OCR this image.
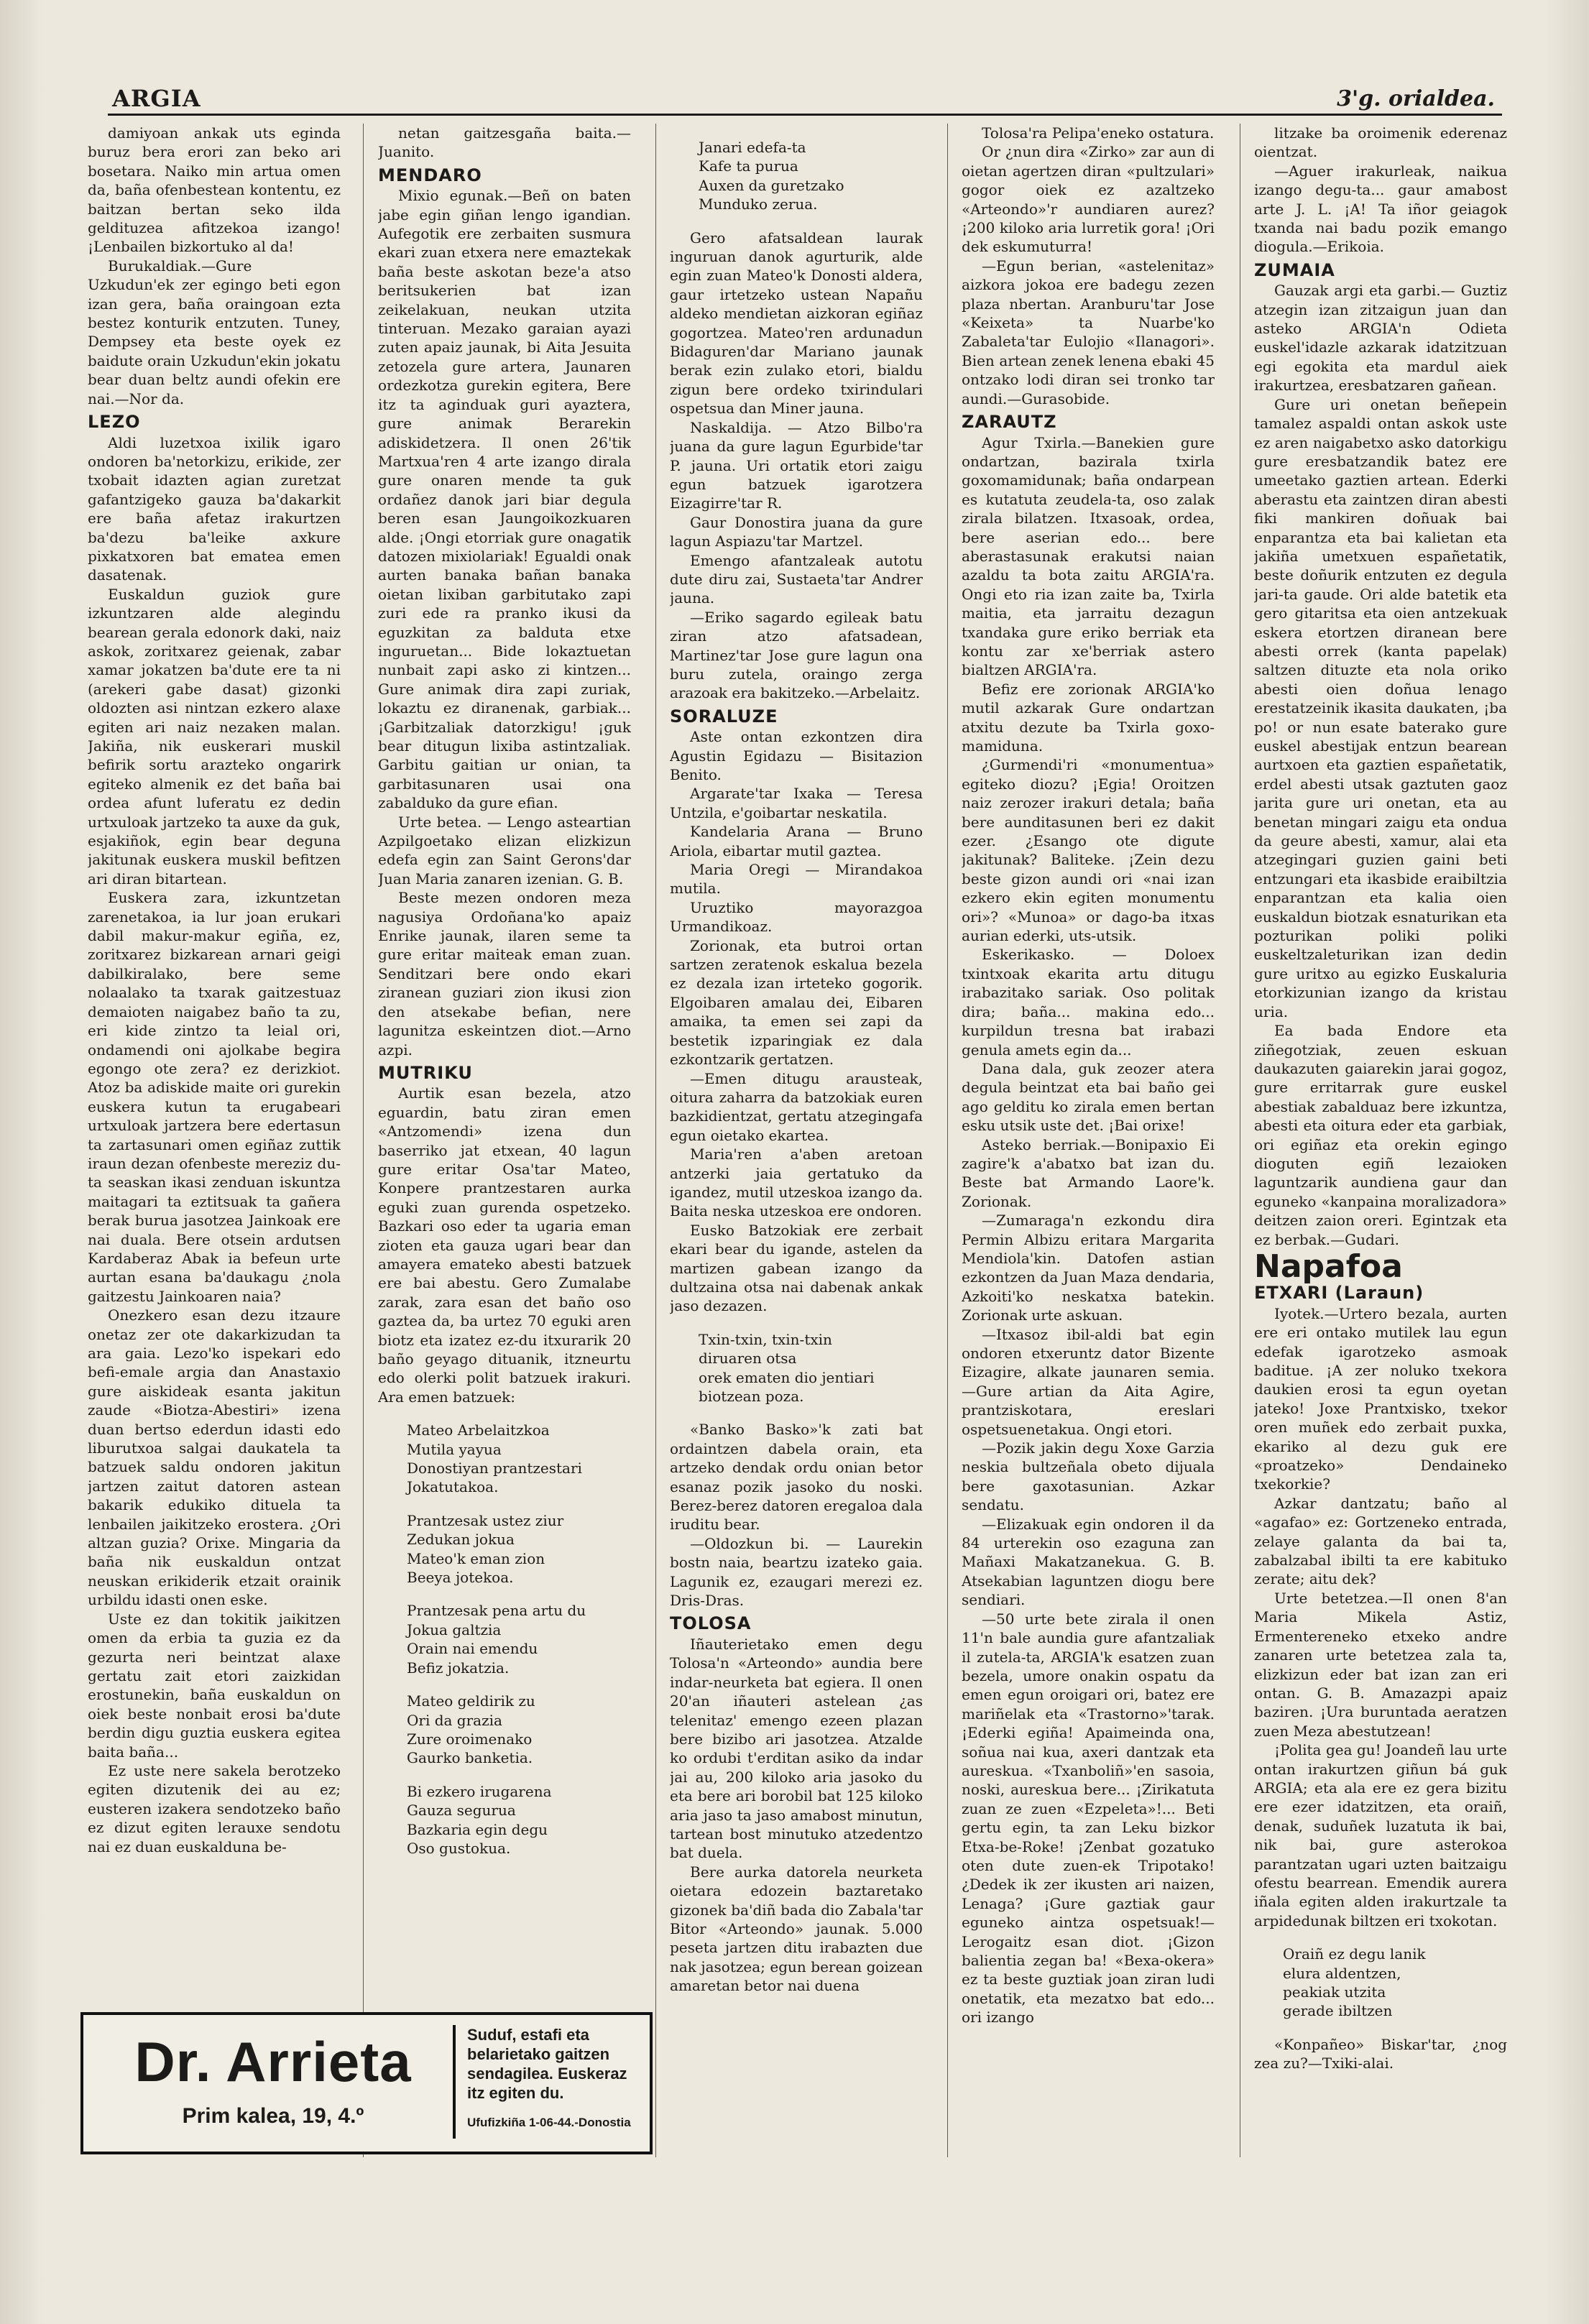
ARGIA	3'g. orialdea.

damiyoan ankak uts eginda buruz bera erori zan beko ari bosetara. Naiko min artua omen da, baña ofenbestean kontentu, ez baitzan bertan seko ilda geldituzea afitzekoa izango! ¡Lenbailen bizkortuko al da!

Burukaldiak.—Gure Uzkudun'ek zer egingo beti egon izan gera, baña oraingoan ezta bestez konturik entzuten. Tuney, Dempsey eta beste oyek ez baidute orain Uzkudun'ekin jokatu bear duan beltz aundi ofekin ere nai.—Nor da.

LEZO

Aldi luzetxoa ixilik igaro ondoren ba'netorkizu, erikide, zer txobait idazten agian zuretzat gafantzigeko gauza ba'dakarkit ere baña afetaz irakurtzen ba'dezu ba'leike axkure pixkatxoren bat ematea emen dasatenak.

Euskaldun guziok gure izkuntzaren alde alegindu bearean gerala edonork daki, naiz askok, zoritxarez geienak, zabar xamar jokatzen ba'dute ere ta ni (arekeri gabe dasat) gizonki oldozten asi nintzan ezkero alaxe egiten ari naiz nezaken malan. Jakiña, nik euskerari muskil befirik sortu arazteko ongarirk egiteko almenik ez det baña bai ordea afunt luferatu ez dedin urtxuloak jartzeko ta auxe da guk, esjakiñok, egin bear deguna jakitunak euskera muskil befitzen ari diran bitartean.

Euskera zara, izkuntzetan zarenetakoa, ia lur joan erukari dabil makur-makur egiña, ez, zoritxarez bizkarean arnari geigi dabilkiralako, bere seme nolaalako ta txarak gaitzestuaz demaioten naigabez baño ta zu, eri kide zintzo ta leial ori, ondamendi oni ajolkabe begira egongo ote zera? ez derizkiot. Atoz ba adiskide maite ori gurekin euskera kutun ta erugabeari urtxuloak jartzera bere edertasun ta zartasunari omen egiñaz zuttik iraun dezan ofenbeste mereziz du-ta seaskan ikasi zenduan iskuntza maitagari ta eztitsuak ta gañera berak burua jasotzea Jainkoak ere nai duala. Bere otsein ardutsen Kardaberaz Abak ia befeun urte aurtan esana ba'daukagu ¿nola gaitzestu Jainkoaren naia?

Onezkero esan dezu itzaure onetaz zer ote dakarkizudan ta ara gaia. Lezo'ko ispekari edo befi-emale argia dan Anastaxio gure aiskideak esanta jakitun zaude «Biotza-Abestiri» izena duan bertso ederdun idasti edo liburutxoa salgai daukatela ta batzuek saldu ondoren jakitun jartzen zaitut datoren astean bakarik edukiko dituela ta lenbailen jaikitzeko erostera. ¿Ori altzan guzia? Orixe. Mingaria da baña nik euskaldun ontzat neuskan erikiderik etzait orainik urbildu idasti onen eske.

Uste ez dan tokitik jaikitzen omen da erbia ta guzia ez da gezurta neri beintzat alaxe gertatu zait etori zaizkidan erostunekin, baña euskaldun on oiek beste nonbait erosi ba'dute berdin digu guztia euskera egitea baita baña...

Ez uste nere sakela berotzeko egiten dizutenik dei au ez; eusteren izakera sendotzeko baño ez dizut egiten lerauxe sendotu nai ez duan euskalduna be-

netan gaitzesgaña baita.—Juanito.

MENDARO

Mixio egunak.—Beñ on baten jabe egin giñan lengo igandian. Aufegotik ere zerbaiten susmura ekari zuan etxera nere emaztekak baña beste askotan beze'a atso beritsukerien bat izan zeikelakuan, neukan utzita tinteruan. Mezako garaian ayazi zuten apaiz jaunak, bi Aita Jesuita zetozela gure artera, Jaunaren ordezkotza gurekin egitera, Bere itz ta aginduak guri ayaztera, gure animak Berarekin adiskidetzera. Il onen 26'tik Martxua'ren 4 arte izango dirala gure onaren mende ta guk ordañez danok jari biar degula beren esan Jaungoikozkuaren alde. ¡Ongi etorriak gure onagatik datozen mixiolariak! Egualdi onak aurten banaka bañan banaka oietan lixiban garbitutako zapi zuri ede ra pranko ikusi da eguzkitan za balduta etxe inguruetan... Bide lokaztuetan nunbait zapi asko zi kintzen... Gure animak dira zapi zuriak, lokaztu ez diranenak, garbiak... ¡Garbitzaliak datorzkigu! ¡guk bear ditugun lixiba astintzaliak. Garbitu gaitian ur onian, ta garbitasunaren usai ona zabalduko da gure efian.

Urte betea. — Lengo asteartian Azpilgoetako elizan elizkizun edefa egin zan Saint Gerons'dar Juan Maria zanaren izenian. G. B.

Beste mezen ondoren meza nagusiya Ordoñana'ko apaiz Enrike jaunak, ilaren seme ta gure eritar maiteak eman zuan. Senditzari bere ondo ekari ziranean guziari zion ikusi zion den atsekabe befian, nere lagunitza eskeintzen diot.—Arno azpi.

MUTRIKU

Aurtik esan bezela, atzo eguardin, batu ziran emen «Antzomendi» izena dun baserriko jat etxean, 40 lagun gure eritar Osa'tar Mateo, Konpere prantzestaren aurka eguki zuan gurenda ospetzeko. Bazkari oso eder ta ugaria eman zioten eta gauza ugari bear dan amayera emateko abesti batzuek ere bai abestu. Gero Zumalabe zarak, zara esan det baño oso gaztea da, ba urtez 70 eguki aren biotz eta izatez ez-du itxurarik 20 baño geyago dituanik, itzneurtu edo olerki polit batzuek irakuri. Ara emen batzuek:

Mateo Arbelaitzkoa
Mutila yayua
Donostiyan prantzestari
Jokatutakoa.

Prantzesak ustez ziur
Zedukan jokua
Mateo'k eman zion
Beeya jotekoa.

Prantzesak pena artu du
Jokua galtzia
Orain nai emendu
Befiz jokatzia.

Mateo geldirik zu
Ori da grazia
Zure oroimenako
Gaurko banketia.

Bi ezkero irugarena
Gauza segurua
Bazkaria egin degu
Oso gustokua.

Janari edefa-ta
Kafe ta purua
Auxen da guretzako
Munduko zerua.

Gero afatsaldean laurak inguruan danok agurturik, alde egin zuan Mateo'k Donosti aldera, gaur irtetzeko ustean Napañu aldeko mendietan aizkoran egiñaz gogortzea. Mateo'ren ardunadun Bidaguren'dar Mariano jaunak berak ezin zulako etori, bialdu zigun bere ordeko txirindulari ospetsua dan Miner jauna.

Naskaldija. — Atzo Bilbo'ra juana da gure lagun Egurbide'tar P. jauna. Uri ortatik etori zaigu egun batzuek igarotzera Eizagirre'tar R.

Gaur Donostira juana da gure lagun Aspiazu'tar Martzel.

Emengo afantzaleak autotu dute diru zai, Sustaeta'tar Andrer jauna.

—Eriko sagardo egileak batu ziran atzo afatsadean, Martinez'tar Jose gure lagun ona buru zutela, oraingo zerga arazoak era bakitzeko.—Arbelaitz.

SORALUZE

Aste ontan ezkontzen dira Agustin Egidazu — Bisitazion Benito.

Argarate'tar Ixaka — Teresa Untzila, e'goibartar neskatila.

Kandelaria Arana — Bruno Ariola, eibartar mutil gaztea.

Maria Oregi — Mirandakoa mutila.

Uruztiko mayorazgoa Urmandikoaz.

Zorionak, eta butroi ortan sartzen zeratenok eskalua bezela ez dezala izan irteteko gogorik. Elgoibaren amalau dei, Eibaren amaika, ta emen sei zapi da bestetik izparingiak ez dala ezkontzarik gertatzen.

—Emen ditugu arausteak, oitura zaharra da batzokiak euren bazkidientzat, gertatu atzegingafa egun oietako ekartea.

Maria'ren a'aben aretoan antzerki jaia gertatuko da igandez, mutil utzeskoa izango da. Baita neska utzeskoa ere ondoren.

Eusko Batzokiak ere zerbait ekari bear du igande, astelen da martizen gabean izango da dultzaina otsa nai dabenak ankak jaso dezazen.

Txin-txin, txin-txin
diruaren otsa
orek ematen dio jentiari
biotzean poza.

«Banko Basko»'k zati bat ordaintzen dabela orain, eta artzeko dendak ordu onian betor esanaz pozik jasoko du noski. Berez-berez datoren eregaloa dala iruditu bear.

—Oldozkun bi. — Laurekin bostn naia, beartzu izateko gaia. Lagunik ez, ezaugari merezi ez. Dris-Dras.

TOLOSA

Iñauterietako emen degu Tolosa'n «Arteondo» aundia bere indar-neurketa bat egiera. Il onen 20'an iñauteri astelean ¿as telenitaz' emengo ezeen plazan bere bizibo ari jasotzea. Atzalde ko ordubi t'erditan asiko da indar jai au, 200 kiloko aria jasoko du eta bere ari borobil bat 125 kiloko aria jaso ta jaso amabost minutun, tartean bost minutuko atzedentzo bat duela.

Bere aurka datorela neurketa oietara edozein baztaretako gizonek ba'diñ bada dio Zabala'tar Bitor «Arteondo» jaunak. 5.000 peseta jartzen ditu irabazten due nak jasotzea; egun berean goizean amaretan betor nai duena

Tolosa'ra Pelipa'eneko ostatura.

Or ¿nun dira «Zirko» zar aun di oietan agertzen diran «pultzulari» gogor oiek ez azaltzeko «Arteondo»'r aundiaren aurez? ¡200 kiloko aria lurretik gora! ¡Ori dek eskumuturra!

—Egun berian, «astelenitaz» aizkora jokoa ere badegu zezen plaza nbertan. Aranburu'tar Jose «Keixeta» ta Nuarbe'ko Zabaleta'tar Eulojio «Ilanagori». Bien artean zenek lenena ebaki 45 ontzako lodi diran sei tronko tar aundi.—Gurasobide.

ZARAUTZ

Agur Txirla.—Banekien gure ondartzan, bazirala txirla goxomamidunak; baña ondarpean es kutatuta zeudela-ta, oso zalak zirala bilatzen. Itxasoak, ordea, bere aserian edo... bere aberastasunak erakutsi naian azaldu ta bota zaitu ARGIA'ra. Ongi eto ria izan zaite ba, Txirla maitia, eta jarraitu dezagun txandaka gure eriko berriak eta kontu zar xe'berriak astero bialtzen ARGIA'ra.

Befiz ere zorionak ARGIA'ko mutil azkarak Gure ondartzan atxitu dezute ba Txirla goxo-mamiduna.

¿Gurmendi'ri «monumentua» egiteko diozu? ¡Egia! Oroitzen naiz zerozer irakuri detala; baña bere aunditasunen beri ez dakit ezer. ¿Esango ote digute jakitunak? Baliteke. ¡Zein dezu beste gizon aundi ori «nai izan ezkero ekin egiten monumentu ori»? «Munoa» or dago-ba itxas aurian ederki, uts-utsik.

Eskerikasko. — Doloex txintxoak ekarita artu ditugu irabazitako sariak. Oso politak dira; baña... makina edo... kurpildun tresna bat irabazi genula amets egin da...

Dana dala, guk zeozer atera degula beintzat eta bai baño gei ago gelditu ko zirala emen bertan esku utsik uste det. ¡Bai orixe!

Asteko berriak.—Bonipaxio Ei zagire'k a'abatxo bat izan du. Beste bat Armando Laore'k. Zorionak.

—Zumaraga'n ezkondu dira Permin Albizu eritara Margarita Mendiola'kin. Datofen astian ezkontzen da Juan Maza dendaria, Azkoiti'ko neskatxa batekin. Zorionak urte askuan.

—Itxasoz ibil-aldi bat egin ondoren etxeruntz dator Bizente Eizagire, alkate jaunaren semia. —Gure artian da Aita Agire, prantziskotara, ereslari ospetsuenetakua. Ongi etori.

—Pozik jakin degu Xoxe Garzia neskia bultzeñala obeto dijuala bere gaxotasunian. Azkar sendatu.

—Elizakuak egin ondoren il da 84 urterekin oso ezaguna zan Mañaxi Makatzanekua. G. B. Atsekabian laguntzen diogu bere sendiari.

—50 urte bete zirala il onen 11'n bale aundia gure afantzaliak il zutela-ta, ARGIA'k esatzen zuan bezela, umore onakin ospatu da emen egun oroigari ori, batez ere mariñelak eta «Trastorno»'tarak. ¡Ederki egiña! Apaimeinda ona, soñua nai kua, axeri dantzak eta aureskua. «Txanboliñ»'en sasoia, noski, aureskua bere... ¡Zirikatuta zuan ze zuen «Ezpeleta»!... Beti gertu egin, ta zan Leku bizkor Etxa-be-Roke! ¡Zenbat gozatuko oten dute zuen-ek Tripotako! ¿Dedek ik zer ikusten ari naizen, Lenaga? ¡Gure gaztiak gaur eguneko aintza ospetsuak!—Lerogaitz esan diot. ¡Gizon balientia zegan ba! «Bexa-okera» ez ta beste guztiak joan ziran ludi onetatik, eta mezatxo bat edo... ori izango

litzake ba oroimenik ederenaz oientzat.

—Aguer irakurleak, naikua izango degu-ta... gaur amabost arte J. L. ¡A! Ta iñor geiagok txanda nai badu pozik emango diogula.—Erikoia.

ZUMAIA

Gauzak argi eta garbi.— Guztiz atzegin izan zitzaigun juan dan asteko ARGIA'n Odieta euskel'idazle azkarak idatzitzuan egi egokita eta mardul aiek irakurtzea, eresbatzaren gañean.

Gure uri onetan beñepein tamalez aspaldi ontan askok uste ez aren naigabetxo asko datorkigu gure eresbatzandik batez ere umeetako gaztien artean. Ederki aberastu eta zaintzen diran abesti fiki mankiren doñuak bai enparantza eta bai kalietan eta jakiña umetxuen españetatik, beste doñurik entzuten ez degula jari-ta gaude. Ori alde batetik eta gero gitaritsa eta oien antzekuak eskera etortzen diranean bere abesti orrek (kanta papelak) saltzen dituzte eta nola oriko abesti oien doñua lenago erestatzeinik ikasita daukaten, ¡ba po! or nun esate baterako gure euskel abestijak entzun bearean aurtxoen eta gaztien españetatik, erdel abesti utsak gaztuten gaoz jarita gure uri onetan, eta au benetan mingari zaigu eta ondua da geure abesti, xamur, alai eta atzegingari guzien gaini beti entzungari eta ikasbide eraibiltzia enparantzan eta kalia oien euskaldun biotzak esnaturikan eta pozturikan poliki poliki euskeltzaleturikan izan dedin gure uritxo au egizko Euskaluria etorkizunian izango da kristau uria.

Ea bada Endore eta ziñegotziak, zeuen eskuan daukazuten gaiarekin jarai gogoz, gure erritarrak gure euskel abestiak zabalduaz bere izkuntza, abesti eta oitura eder eta garbiak, ori egiñaz eta orekin egingo dioguten egiñ lezaioken laguntzarik aundiena gaur dan eguneko «kanpaina moralizadora» deitzen zaion oreri. Egintzak eta ez berbak.—Gudari.

Napafoa
ETXARI (Laraun)

Iyotek.—Urtero bezala, aurten ere eri ontako mutilek lau egun edefak igarotzeko asmoak baditue. ¡A zer noluko txekora daukien erosi ta egun oyetan jateko! Joxe Prantxisko, txekor oren muñek edo zerbait puxka, ekariko al dezu guk ere «proatzeko» Dendaineko txekorkie?

Azkar dantzatu; baño al «agafao» ez: Gortzeneko entrada, zelaye galanta da bai ta, zabalzabal ibilti ta ere kabituko zerate; aitu dek?

Urte betetzea.—Il onen 8'an Maria Mikela Astiz, Ermentereneko etxeko andre zanaren urte betetzea zala ta, elizkizun eder bat izan zan eri ontan. G. B. Amazazpi apaiz baziren. ¡Ura buruntada aeratzen zuen Meza abestutzean!

¡Polita gea gu! Joandeñ lau urte ontan irakurtzen giñun bá guk ARGIA; eta ala ere ez gera bizitu ere ezer idatzitzen, eta oraiñ, denak, suduñek luzatuta ik bai, nik bai, gure asterokoa parantzatan ugari uzten baitzaigu ofestu bearrean. Emendik aurera iñala egiten alden irakurtzale ta arpidedunak biltzen eri txokotan.

Oraiñ ez degu lanik
elura aldentzen,
peakiak utzita
gerade ibiltzen

«Konpañeo» Biskar'tar, ¿nog zea zu?—Txiki-alai.

Dr. Arrieta
Prim kalea, 19, 4.º
Suduf, estafi eta belarietako gaitzen sendagilea. Euskeraz itz egiten du.
Ufufizkiña 1-06-44.-Donostia
